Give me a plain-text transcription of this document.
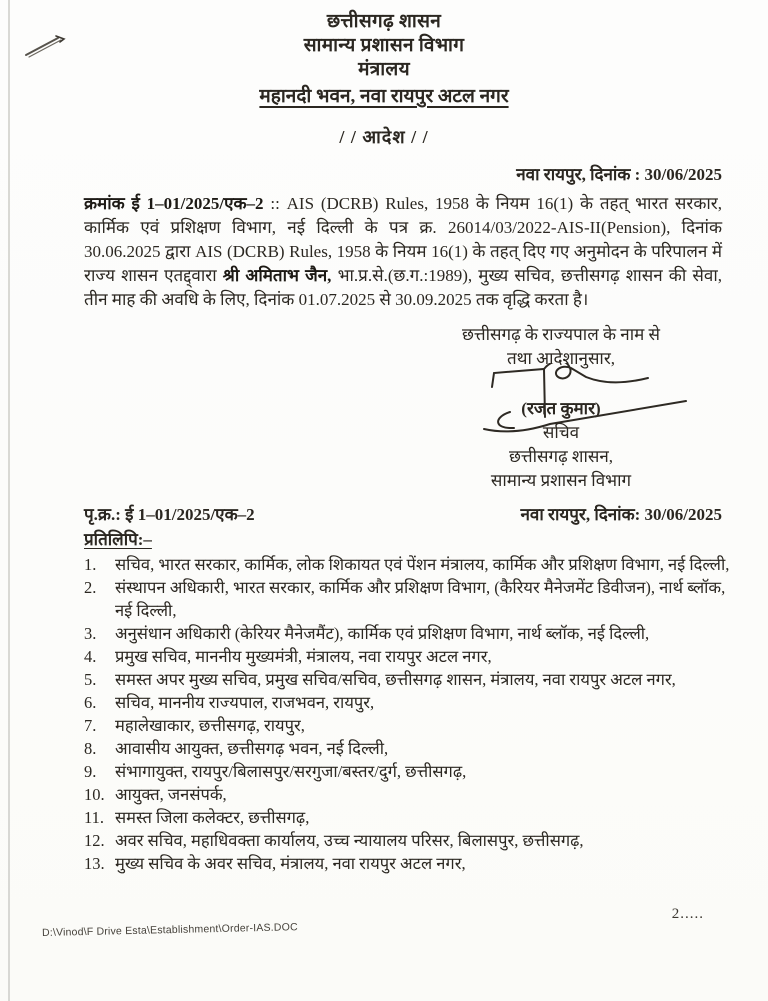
छत्तीसगढ़ शासन
सामान्य प्रशासन विभाग
मंत्रालय
महानदी भवन, नवा रायपुर अटल नगर
/ / आदेश / /
नवा रायपुर, दिनांक : 30/06/2025

क्रमांक ई 1–01/2025/एक–2 :: AIS (DCRB) Rules, 1958 के नियम 16(1) के तहत् भारत सरकार, कार्मिक एवं प्रशिक्षण विभाग, नई दिल्ली के पत्र क्र. 26014/03/2022-AIS-II(Pension), दिनांक 30.06.2025 द्वारा AIS (DCRB) Rules, 1958 के नियम 16(1) के तहत् दिए गए अनुमोदन के परिपालन में राज्य शासन एतद्द्वारा श्री अमिताभ जैन, भा.प्र.से.(छ.ग.:1989), मुख्य सचिव, छत्तीसगढ़ शासन की सेवा, तीन माह की अवधि के लिए, दिनांक 01.07.2025 से 30.09.2025 तक वृद्धि करता है।

छत्तीसगढ़ के राज्यपाल के नाम से
तथा आदेशानुसार,
(रजत कुमार)
सचिव
छत्तीसगढ़ शासन,
सामान्य प्रशासन विभाग
पृ.क्र.: ई 1–01/2025/एक–2	नवा रायपुर, दिनांक: 30/06/2025
प्रतिलिपि:–
सचिव, भारत सरकार, कार्मिक, लोक शिकायत एवं पेंशन मंत्रालय, कार्मिक और प्रशिक्षण विभाग, नई दिल्ली,
संस्थापन अधिकारी, भारत सरकार, कार्मिक और प्रशिक्षण विभाग, (कैरियर मैनेजमेंट डिवीजन), नार्थ ब्लॉक, नई दिल्ली,
अनुसंधान अधिकारी (केरियर मैनेजमैंट), कार्मिक एवं प्रशिक्षण विभाग, नार्थ ब्लॉक, नई दिल्ली,
प्रमुख सचिव, माननीय मुख्यमंत्री, मंत्रालय, नवा रायपुर अटल नगर,
समस्त अपर मुख्य सचिव, प्रमुख सचिव/सचिव, छत्तीसगढ़ शासन, मंत्रालय, नवा रायपुर अटल नगर,
सचिव, माननीय राज्यपाल, राजभवन, रायपुर,
महालेखाकार, छत्तीसगढ़, रायपुर,
आवासीय आयुक्त, छत्तीसगढ़ भवन, नई दिल्ली,
संभागायुक्त, रायपुर/बिलासपुर/सरगुजा/बस्तर/दुर्ग, छत्तीसगढ़,
आयुक्त, जनसंपर्क,
समस्त जिला कलेक्टर, छत्तीसगढ़,
अवर सचिव, महाधिवक्ता कार्यालय, उच्च न्यायालय परिसर, बिलासपुर, छत्तीसगढ़,
मुख्य सचिव के अवर सचिव, मंत्रालय, नवा रायपुर अटल नगर,
2.....
D:\Vinod\F Drive Esta\Establishment\Order-IAS.DOC
